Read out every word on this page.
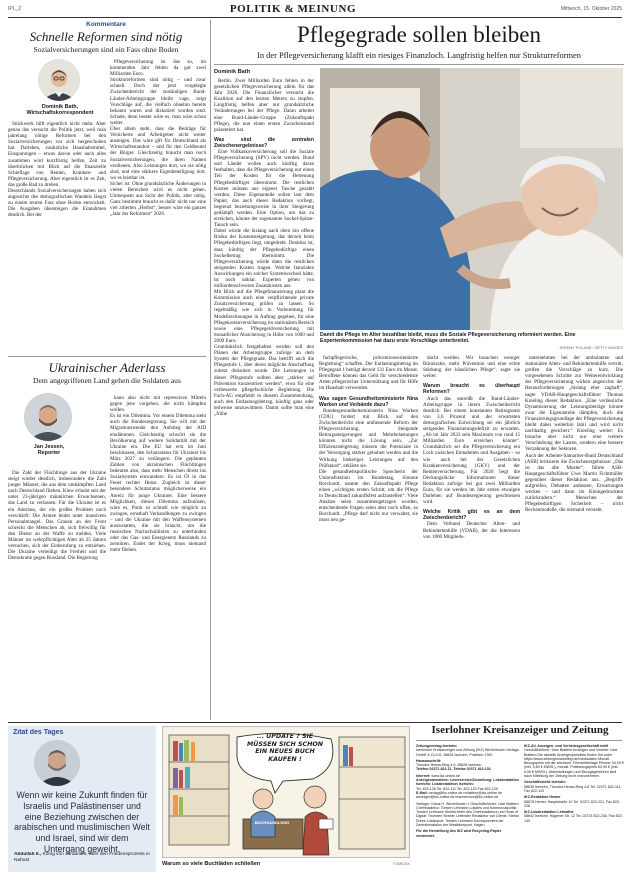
IPL_2	POLITIK & MEINUNG	Mittwoch, 15. Oktober 2025
Kommentare
Schnelle Reformen sind nötig
Sozialversicherungen sind ein Fass ohne Boden
Dominik Bath,
Wirtschaftskorrespondent

Stückwerk hilft eigentlich nicht mehr. Aber genau das versucht die Politik jetzt, weil man jahrelang nötige Reformen bei den Sozialversicherungen vor sich hergeschoben hat. Darlehen, zusätzliche Haushaltsmittel, Einsparungen – etwas davon oder auch alles zusammen wird kurzfristig helfen, Zeit zu überbrücken mit Blick auf die finanzielle Schieflage von Renten, Kranken- und Pflegeversicherung. Aber eigentlich ist es Zeit, das große Rad zu drehen.
Deutschlands Sozialversicherungen haben sich angesichts des demografischen Wandels längst zu einem teuren Fass ohne Boden entwickelt. Die Ausgaben übersteigen die Einnahmen deutlich. Bei der

Pflegeversicherung ist das so, im kommenden Jahr fehlen da gut zwei Milliarden Euro.
Strukturreformen sind nötig – und zwar schnell. Doch der jetzt vorgelegte Zwischenbericht der zuständigen Bund-Länder-Arbeitsgruppe bleibt vage, zeigt Vorschläge auf, die vielfach ohnehin bereits bekannt waren und diskutiert worden sind. Schade, denn besser wäre es, man wäre schon weiter.
Über allem steht, dass die Beiträge für Versicherte und Arbeitgeber nicht weiter ansteigen. Das wäre gift für Deutschland als Wirtschaftsstandort – und für den Geldbeutel der Bürger. Gleichzeitig braucht man noch Sozialversicherungen, die ihren Namen verdienen. Also Leistungen dort, wo sie nötig sind, und eine stärkere Eigenbeteiligung dort, wo es leistbar ist.
Sicher ist: Ohne grundsätzliche Änderungen in vielen Bereichen wird es nicht gehen. Umbequem aus Sicht der Politik, aber nötig. Ganz bestimmt braucht es dafür nicht nur eine viel zitierten „Herbst“, besser wäre ein ganzes „Jahr der Reformen“ 2026.

Ukrainischer Aderlass
Dem angegriffenen Land gehen die Soldaten aus
Jan Jessen,
Reporter

Die Zahl der Flüchtlinge aus der Ukraine steigt wieder deutlich, insbesondere die Zahl junger Männer, die aus dem umkämpften Land nach Deutschland fliehen. Kiew erlaubt seit der unter 23-jährigen männlichen Erwachsenen, das Land zu verlassen. Für die Ukraine ist es ein Aderlass, der ein großes Problem noch verschärft: Die Armee leidet unter massivem Personalmangel. Das Grauen an der Front schreckt die Menschen ab, sich freiwillig für den Dienst an der Waffe zu melden. Viele Männer im wehrpflichtigen Alter ab 25 Jahren versuchen, sich der Einberufung zu entziehen. Die Ukraine verteidigt die Freiheit und die Demokratie gegen Russland. Die Regierung

kann also nicht mit repressiven Mitteln gegen jene vorgehen, die nicht kämpfen wollen.
Es ist ein Dilemma. Vor einem Dilemma steht auch die Bundesregierung. Sie will mit der Migrationswende den Aufstieg der AfD eindämmen. Gleichzeitig schwört sie die Bevölkerung auf weitere Solidarität mit der Ukraine ein. Die EU hat erst im Juni beschlossen, den Schutzstatus für Ukrainer bis März 2027 zu verlängern. Die geplanten Zahlen von ukrainischen Flüchtlingen bedeuten also, dass mehr Menschen direkt ins Sozialsystem einwandern. Es ist Öl in das Feuer rechter Hetze. Zugleich ist dieser besondere Schutzstatus möglicherweise ein Anreiz für junge Ukrainer. Eine bessere Möglichkeit, diesen Dilemma aufzulösen, wäre es, Putin so schnell wie möglich zu zwingen, ernsthaft Verhandlungen zu zwingen – und die Ukraine mit den Waffensystemen auszustatten, die sie braucht, um die russischen Nachschublinien zu unterbinden oder das Gas- und Energienetz Russlands zu zerstören. Endet der Krieg, muss niemand mehr fliehen.

Pflegegrade sollen bleiben
In der Pflegeversicherung klafft ein riesiges Finanzloch. Langfristig helfen nur Strukturreformen
Dominik Bath

Berlin. Zwei Milliarden Euro fehlen in der gesetzlichen Pflegeversicherung allein für das Jahr 2026. Die Finanzlöcher versucht die Koalition auf den letzten Metern zu stopfen. Langfristig helfen aber nur grundsätzliche Veränderungen bei der Pflege. Daran arbeitet eine Bund-Länder-Gruppe (Zukunftspakt Pflege), die nun einen ersten Zwischenstand präsentiert hat.

Was sind die zentralen Zwischenergebnisse?

Eine Vollkaskoversicherung soll die Soziale Pflegeversicherung (SPV) nicht werden. Bund und Länder wollen auch künftig daran festhalten, dass die Pflegeversicherung nur einen Teil der Kosten für die Betreuung Pflegebedürftiger übernimmt. Die restlichen Kosten müssen aus eigener Tasche gezahlt werden. Diese Eigenanteile sollen laut dem Papier, das auch dieser Redaktion vorliegt, begrenzt beziehungsweise in ihrer Steigerung gedämpft werden. Eine Option, um das zu erreichen, könnte der sogenannte Sockel-Spitze-Tausch sein.
Dabei würde die bislang nach oben hin offene Risiko der Kostensteigerung, das derzeit beim Pflegebedürftigen liegt, umgedreht. Denkbar ist, dass künftig der Pflegebedürftige einen Sockelbetrag übernimmt. Die Pflegeversicherung würde dann die restlichen steigenden Kosten tragen. Welche Itanzialen Auswirkungen ein solcher Systemwechsel hätte, ist noch unklar. Experten gehen von milliardenschweren Zusatzkosten aus.
Mit Blick auf die Pflegefinanzierung plant die Kommission auch eine verpflichtende private Zusatzversicherung prüfen zu lassen. So regelmäßig wie sich in Vorbereitung für Modellrechnungen in Auftrag gegeben, für eine Pflegekostenversicherung im stationären Bereich sowie eine Pflegegeldversicherung mit monatlicher Absicherung in Höhe von 1000 und 2000 Euro.
Grundsätzlich festgehalten werden soll den Plänen der Arbeitsgruppe zufolge an dem System der Pflegegrade. Das betrifft auch die Pflegestufe 1, über deren mögliche Abschaffung zuletzt diskutiert wurde. Die Leistungen in dieser Pflegestufe sollten aber „stärker auf Prävention konzentriert werden“, etwa für eine verbesserte pflegefachliche Begleitung. Die Fach-AG empfiehlt in diesem Zusammenhang, auch den Entlastungsbetrag, künftig ganz oder teilweise umzuwidmen. Damit sollte man eine „frühe

Damit die Pflege im Alter bezahlbar bleibt, muss die Soziale Pflegeversicherung reformiert werden. Eine Expertenkommission hat dazu erste Vorschläge unterbreitet.
JEREMY POLAND / GETTY IMAGES

fachpflegerische, präventionsorientierte Begleitung“ schaffen. Der Entlastungsbetrag im Pflegegrad 1 beträgt derzeit 131 Euro im Monat. Betroffene können das Geld für verschiedenste Arten pflegerischer Unterstützung und für Hilfe im Haushalt verwenden.

Was sagen Gesundheitsministerin Nina Warken und Verbände dazu?

Bundesgesundheitsministerin Nina Warken (CDU) fordert mit Blick auf den Zwischenbericht eine umfassende Reform der Pflegeversicherung. Steigende Beitragssteigerungen und Mehrbelastungen könnten nicht die Lösung sein. „Zur Effizienzsteigerung müssen die Potenziale in der Versorgung stärker gehoben werden und die Wirkung bisheriger Leistungen auf den Prüfstand“, erklärte sie.
Die gesundheitspolitische Sprecherin der Unionsfraktion im Bundestag, Simone Borchardt, nannte den Zukunftspakt Pflege einen „wichtigen ersten Schritt, um die Pflege in Deutschland zukunftsfest aufzustellen“. Viele Ansätze seien zusammengetragen worden, entscheidende Fragen seien aber noch offen, so Borchardt. „Pflege darf nicht nur verwaltet, sie muss neu ge-

dacht werden. Wir brauchen weniger Bürokratie, mehr Prävention und eine echte Stärkung der häuslichen Pflege“, sagte sie weiter.

Warum braucht es überhaupt Reformen?

Auch das umreißt die Bund-Länder-Arbeitsgruppe in ihrem Zwischenbericht deutlich. Bei einem konstanten Beitragssatz von 3,6 Prozent und der erwarteten demografischen Entwicklung sei ein jährlich steigendes Finanzierungsdefizit zu erwarten. „Ab im Jahr 2033 sein Maximum von rund 15 Milliarden Euro erreichen könnte“. Grundsätzlich sei die Pflegeversicherung ein Loch zwischen Einnahmen und Ausgaben – so wie auch bei der Gesetzlichen Krankenversicherung (GKV) und der Rentenversicherung. Für 2026 liegt die Deckungslücke Informationen dieser Redaktion zufolge bei gut zwei Milliarden Euro, für sie werden im Jahr ersten etwaigen Darlehen auf Bundesregierung geschlossen wird.

Welche Kritik gibt es an dem Zwischenbericht?

Dem Verband Deutscher Alten- und Behindertenhilfe (VDAB), der die Interessen von 1800 Mitglieds-

unternehmen bei der ambulanten und stationären Alten- und Behindertenhilfe vertritt, greifen die Vorschläge zu kurz. Die vorgesehenen Schritte zur Weiterentwicklung der Pflegeversicherung wirken angesichts der Herausforderungen „bislang eher zaghaft“, sagte VDAB-Hauptgeschäftsführer Thomas Knieling dieser Redaktion. „Eine verlässliche Dynamisierung der Leistungsbeträge könnte zwar die Eigenanteile dämpfen, doch die Finanzierungsgrundlage der Pflegeversicherung bleibt dabei weiterhin labil und wird nicht nachhaltig gesichert.“ Knieling weiter: Es brauche aber nicht nur eine weitere Verschiebung der Lasten, sondern eine bessere Verzahnung der Sektoren.
Auch der Arbeiter-Samariter-Bund Deutschland (ASB) kritisierte die Zwischenergebnisse: „Das ist das alte Muster“, führte ASB-Hauptgeschäftsführer Uwe Martin Fichtmüller gegenüber dieser Redaktion aus. „Begriffe aufgreifen, Debatten andeuten, Erwartungen wecken – und dann im Kleingedruckten zurückrudern.“ Menschen der Pflegebedürftigen Sicherheit – nicht Rechenmodelle, die niemand versteht.

Zitat des Tages
Wenn wir keine Zukunft finden für Israelis und Palästinenser und eine Beziehung zwischen der arabischen und muslimischen Welt und Israel, sind wir dem Untergang geweiht.
Abdullah II., König von Jordanien, über den Friedensprozess in Nahost
... UPDATE ? SIE MÜSSEN SICH SCHON EIN NEUES BUCH KAUFEN !
BUCHHANDLUNG
Warum so viele Buchläden schließen	TOMICEK
Iserlohner Kreisanzeiger und Zeitung
Zeitungsverlag Iserlohn
Iserlohner Kreisanzeiger und Zeitung (IKZ) Wichelhoven Verlags-GmbH & Co KG, 58634 Iserlohn, Postfach 1762
Hausanschrift:
Theodor-Heuss-Ring 4-6, 58636 Iserlohn
Telefon 02371 822-11, Telefax 02371 822-102
Internet: www.ikz-online.de
Anzeigenannahme: Leserservice/Zustellung: Lokalredaktion Iserlohn: Lokalredaktion Iserlohn:
Tel. 822-126 Tel. 822-111 Tel. 822-120 Fax 822-125
E-Mail: verlag@ikz-online.de redaktion@ikz-online.de anzeigen@ikz-online.de leserservice@ikz-online.de
Verleger: Klaus H. Wichelhoven † Geschäftsführer: Uwe Blattern Chefredakteur: Torsten Lehmann Lokales und Kommunalpolitik: Torsten Lehmann Stellvertreter des Chefredakteurs und Head of Digital: Thorsten Streber Leitender Redakteur von Dienst: Stefan Drees Lokalsport: Torsten Lehmann Korrespondent der Zentralredaktion der Westfalenpost, Hagen
Für die Herstellung des IKZ wird Recycling-Papier verwendet.
IKZ-AV, Anzeigen- und Vertriebsgesellschaft mbH
Geschäftsführer: Uwe Blattern Anzeigen und Vertrieb: Uwe Blattern Die aktuelle Anzeigenpreisliste finden Sie unter https://www.zeitungsmarketing.de/mediadaten Monatl. Bezugspreis mit der wöchentl. Fernsehbeilage Prisma: 54,99 € (inkl. 5,60 € MWSt.), monatl. Postbezugspreis 63,99 € (inkl. 6,06 € MWSt.). Abbestellungen und Bezugsgebühren sind nach Mitteilung der Zeitung nicht vorzunehmen.
Geschäftsstelle Iserlohn
58636 Iserlohn, Theodor-Heuss-Ring 4-6 Tel. 02371 822-111, Fax 822-120
IKZ-Redaktion Hemer
58675 Hemer, Hauptstraße 10 Tel. 02371 822-221, Fax 822-226
IKZ-Lokalredaktion Letmathe
58642 Iserlohn, Hagener Str. 12 Tel. 02374 822-236, Fax 822-139
